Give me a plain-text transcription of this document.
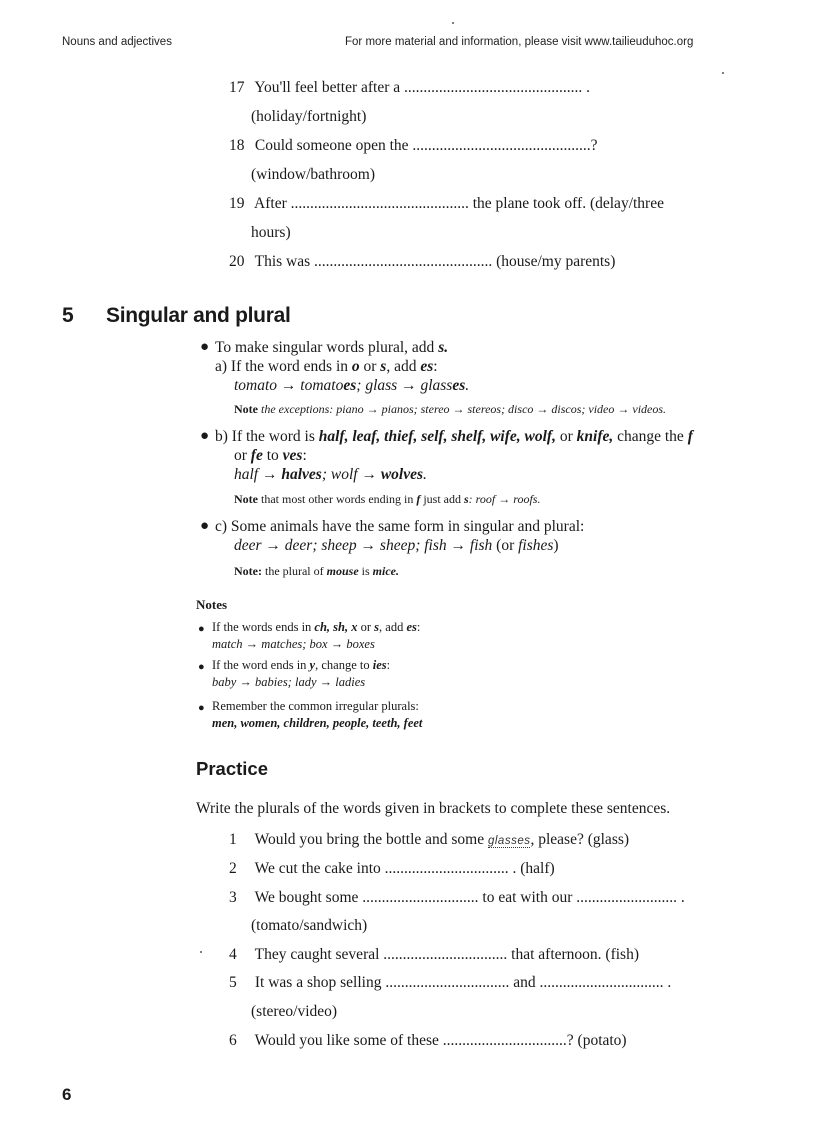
Nouns and adjectives	For more material and information, please visit www.tailieuduhoc.org
17 You'll feel better after a .............................................. .
(holiday/fortnight)
18 Could someone open the ..............................................?
(window/bathroom)
19 After .............................................. the plane took off. (delay/three
hours)
20 This was .............................................. (house/my parents)
5 Singular and plural
● To make singular words plural, add s.
a) If the word ends in o or s, add es:
tomato → tomatoes; glass → glasses.
Note the exceptions: piano → pianos; stereo → stereos; disco → discos; video → videos.
● b) If the word is half, leaf, thief, self, shelf, wife, wolf, or knife, change the f
or fe to ves:
half → halves; wolf → wolves.
Note that most other words ending in f just add s: roof → roofs.
● c) Some animals have the same form in singular and plural:
deer → deer; sheep → sheep; fish → fish (or fishes)
Note: the plural of mouse is mice.
Notes
● If the words ends in ch, sh, x or s, add es:
match → matches; box → boxes
● If the word ends in y, change to ies:
baby → babies; lady → ladies
● Remember the common irregular plurals:
men, women, children, people, teeth, feet
Practice
Write the plurals of the words given in brackets to complete these sentences.
1 Would you bring the bottle and some glasses, please? (glass)
2 We cut the cake into ................................ . (half)
3 We bought some .............................. to eat with our .......................... .
(tomato/sandwich)
4 They caught several ................................ that afternoon. (fish)
5 It was a shop selling ................................ and ................................ .
(stereo/video)
6 Would you like some of these ................................? (potato)
6
